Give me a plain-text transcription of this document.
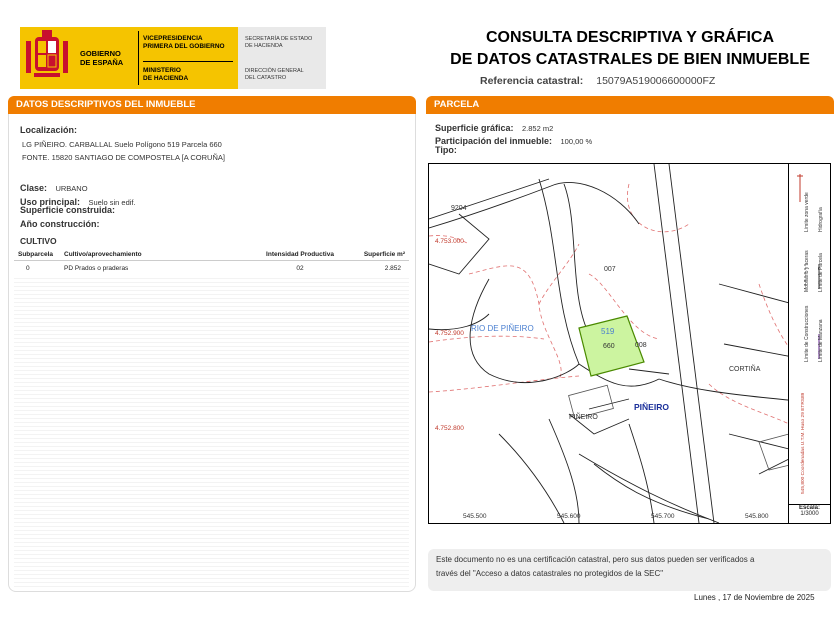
GOBIERNO
DE ESPAÑA
VICEPRESIDENCIA
PRIMERA DEL GOBIERNO
MINISTERIO
DE HACIENDA
SECRETARÍA DE ESTADO
DE HACIENDA
DIRECCIÓN GENERAL
DEL CATASTRO
CONSULTA DESCRIPTIVA Y GRÁFICA
DE DATOS CATASTRALES DE BIEN INMUEBLE
Referencia catastral: 15079A519006600000FZ
DATOS DESCRIPTIVOS DEL INMUEBLE
Localización:
LG PIÑEIRO. CARBALLAL Suelo Polígono 519 Parcela 660
FONTE. 15820 SANTIAGO DE COMPOSTELA [A CORUÑA]
Clase: URBANO
Uso principal: Suelo sin edif.
Superficie construida:
Año construcción:
CULTIVO
Subparcela	Cultivo/aprovechamiento	Intensidad Productiva	Superficie m²
0	PD Prados o praderas	02	2.852
PARCELA
Superficie gráfica: 2.852 m2
Participación del inmueble: 100,00 %
Tipo:
9204
007
519
660	008
RIO DE PIÑEIRO
CORTIÑA
PIÑEIRO
PIÑEIRO
4.753.000
4.752.900
4.752.800
545.500	545.600	545.700	545.800
Límite de Manzana
Límite de Parcela
Límite de Construcciones
Mobiliario y aceras
Límite zona verde Hidrografía
545,800 Coordenadas U.T.M. Huso 29 ETRS89
Escala:
1/3000
Este documento no es una certificación catastral, pero sus datos pueden ser verificados a
través del "Acceso a datos catastrales no protegidos de la SEC"
Lunes , 17 de Noviembre de 2025
